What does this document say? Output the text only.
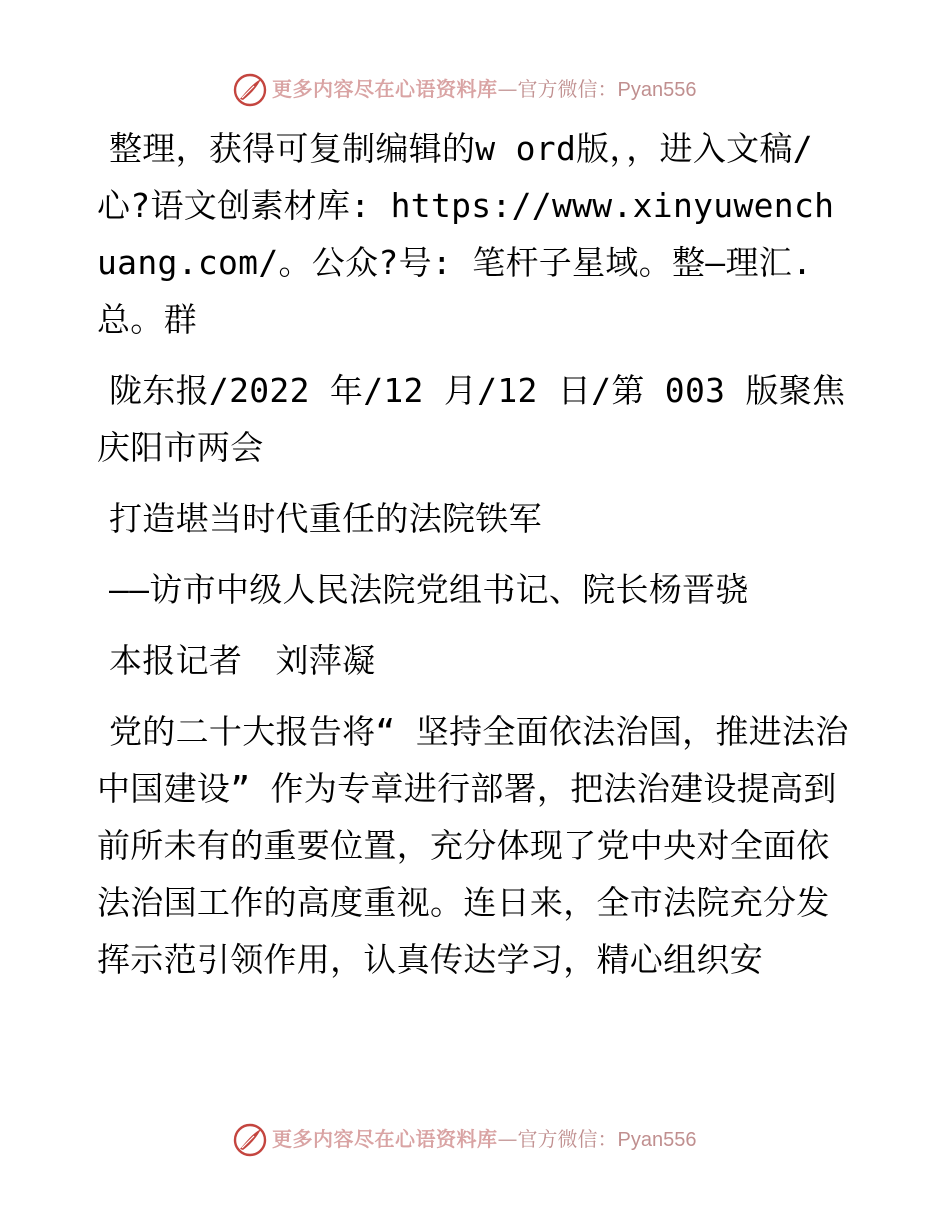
更多内容尽在心语资料库—官方微信：Pyan556

整理，获得可复制编辑的w ord版，，进入文稿/心?语文创素材库: https://www.xinyuwenchuang.com/。公众?号: 笔杆子星域。整—理汇.总。群

陇东报/2022 年/12 月/12 日/第 003 版聚焦庆阳市两会

打造堪当时代重任的法院铁军

——访市中级人民法院党组书记、院长杨晋骁

本报记者　刘萍凝

党的二十大报告将“ 坚持全面依法治国，推进法治中国建设” 作为专章进行部署，把法治建设提高到前所未有的重要位置，充分体现了党中央对全面依法治国工作的高度重视。连日来，全市法院充分发挥示范引领作用，认真传达学习，精心组织安

更多内容尽在心语资料库—官方微信：Pyan556
